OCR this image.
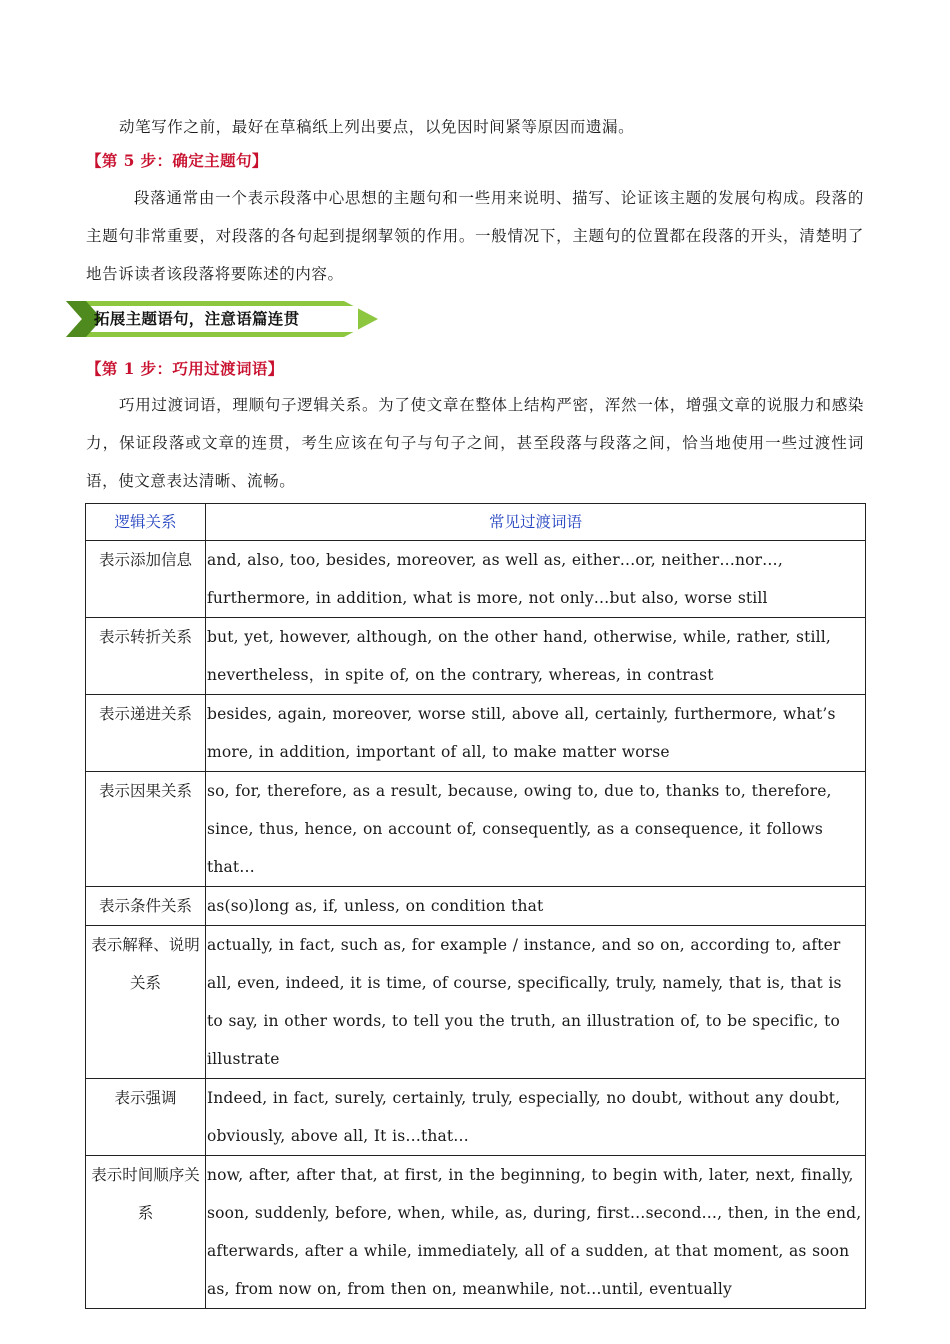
动笔写作之前，最好在草稿纸上列出要点，以免因时间紧等原因而遗漏。

【第 5 步：确定主题句】

段落通常由一个表示段落中心思想的主题句和一些用来说明、描写、论证该主题的发展句构成。段落的主题句非常重要，对段落的各句起到提纲挈领的作用。一般情况下，主题句的位置都在段落的开头，清楚明了地告诉读者该段落将要陈述的内容。

拓展主题语句，注意语篇连贯

【第 1 步：巧用过渡词语】

巧用过渡词语，理顺句子逻辑关系。为了使文章在整体上结构严密，浑然一体，增强文章的说服力和感染力，保证段落或文章的连贯，考生应该在句子与句子之间，甚至段落与段落之间，恰当地使用一些过渡性词语，使文意表达清晰、流畅。

逻辑关系	常见过渡词语
表示添加信息	and, also, too, besides, moreover, as well as, either…or, neither…nor…, furthermore, in addition, what is more, not only…but also, worse still
表示转折关系	but, yet, however, although, on the other hand, otherwise, while, rather, still, nevertheless，in spite of, on the contrary, whereas, in contrast
表示递进关系	besides, again, moreover, worse still, above all, certainly, furthermore, what’s more, in addition, important of all, to make matter worse
表示因果关系	so, for, therefore, as a result, because, owing to, due to, thanks to, therefore, since, thus, hence, on account of, consequently, as a consequence, it follows that…
表示条件关系	as(so)long as, if, unless, on condition that
表示解释、说明关系	actually, in fact, such as, for example / instance, and so on, according to, after all, even, indeed, it is time, of course, specifically, truly, namely, that is, that is to say, in other words, to tell you the truth, an illustration of, to be specific, to illustrate
表示强调	Indeed, in fact, surely, certainly, truly, especially, no doubt, without any doubt, obviously, above all, It is…that…
表示时间顺序关系	now, after, after that, at first, in the beginning, to begin with, later, next, finally, soon, suddenly, before, when, while, as, during, first…second…, then, in the end, afterwards, after a while, immediately, all of a sudden, at that moment, as soon as, from now on, from then on, meanwhile, not…until, eventually
